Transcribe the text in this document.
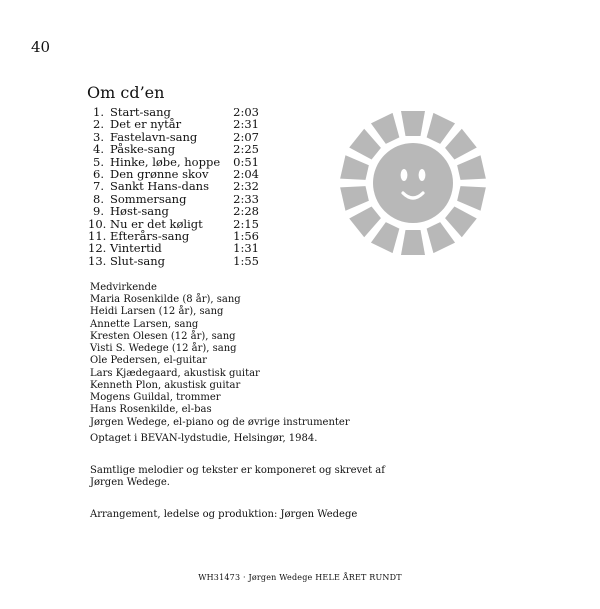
40
Om cd’en
1. Start-sang	2:03
2. Det er nytår	2:31
3. Fastelavn-sang	2:07
4. Påske-sang	2:25
5. Hinke, løbe, hoppe	0:51
6. Den grønne skov	2:04
7. Sankt Hans-dans	2:32
8. Sommersang	2:33
9. Høst-sang	2:28
10. Nu er det køligt	2:15
11. Efterårs-sang	1:56
12. Vintertid	1:31
13. Slut-sang	1:55
Medvirkende
Maria Rosenkilde (8 år), sang
Heidi Larsen (12 år), sang
Annette Larsen, sang
Kresten Olesen (12 år), sang
Visti S. Wedege (12 år), sang
Ole Pedersen, el-guitar
Lars Kjædegaard, akustisk guitar
Kenneth Plon, akustisk guitar
Mogens Guildal, trommer
Hans Rosenkilde, el-bas
Jørgen Wedege, el-piano og de øvrige instrumenter
Optaget i BEVAN-lydstudie, Helsingør, 1984.
Samtlige melodier og tekster er komponeret og skrevet af
Jørgen Wedege.
Arrangement, ledelse og produktion: Jørgen Wedege
WH31473 · Jørgen Wedege HELE ÅRET RUNDT
